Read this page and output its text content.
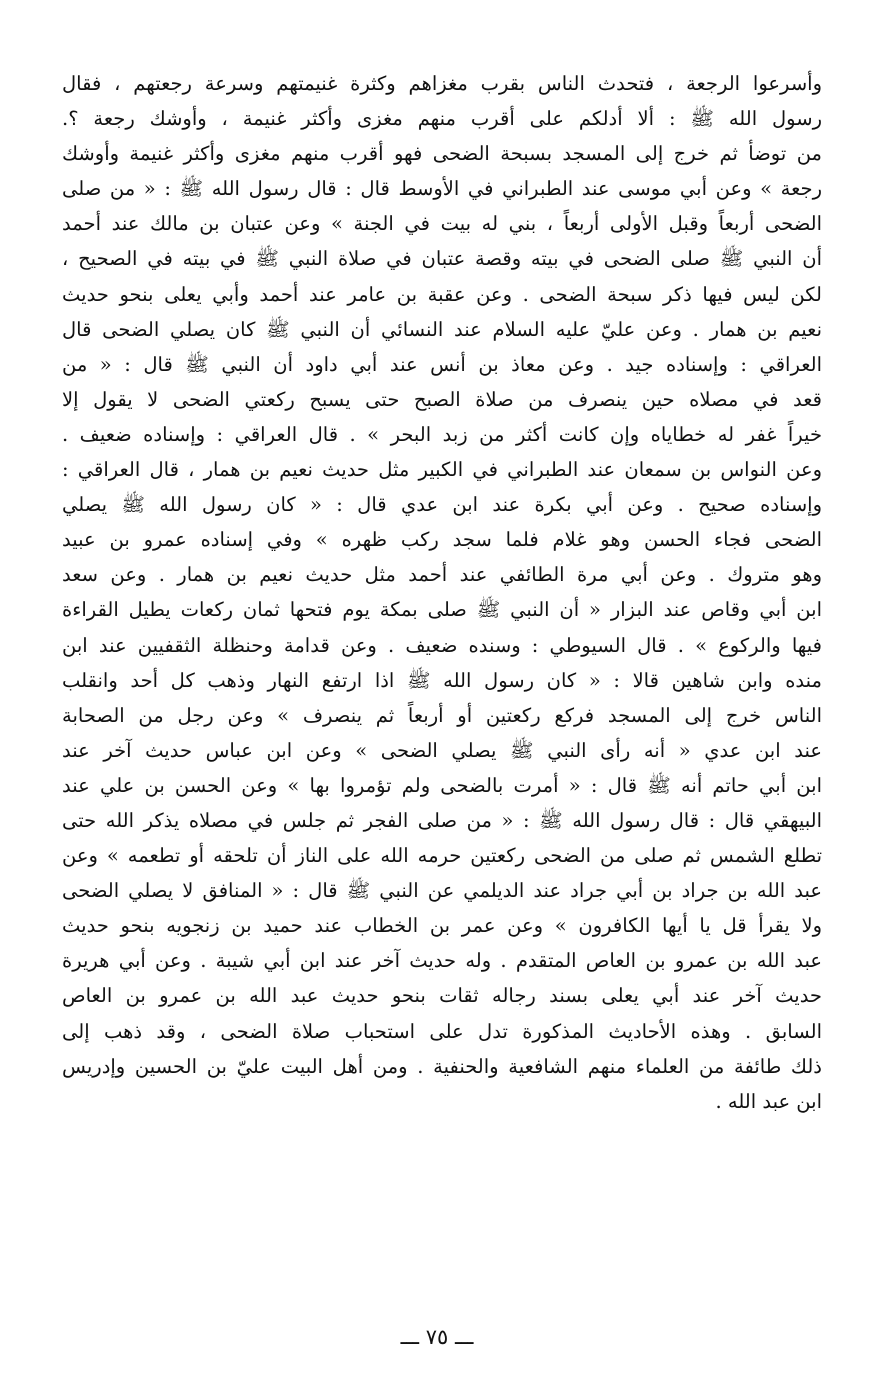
وأسرعوا الرجعة ، فتحدث الناس بقرب مغزاهم وكثرة غنيمتهم وسرعة رجعتهم ، فقال
رسول الله ﷺ : ألا أدلكم على أقرب منهم مغزى وأكثر غنيمة ، وأوشك رجعة ؟.
من توضأ ثم خرج إلى المسجد بسبحة الضحى فهو أقرب منهم مغزى وأكثر غنيمة وأوشك
رجعة » وعن أبي موسى عند الطبراني في الأوسط قال : قال رسول الله ﷺ : « من صلى
الضحى أربعاً وقبل الأولى أربعاً ، بني له بيت في الجنة » وعن عتبان بن مالك عند أحمد
أن النبي ﷺ صلى الضحى في بيته وقصة عتبان في صلاة النبي ﷺ في بيته في الصحيح ،
لكن ليس فيها ذكر سبحة الضحى . وعن عقبة بن عامر عند أحمد وأبي يعلى بنحو حديث
نعيم بن همار . وعن عليّ عليه السلام عند النسائي أن النبي ﷺ كان يصلي الضحى قال
العراقي : وإسناده جيد . وعن معاذ بن أنس عند أبي داود أن النبي ﷺ قال : « من
قعد في مصلاه حين ينصرف من صلاة الصبح حتى يسبح ركعتي الضحى لا يقول إلا
خيراً غفر له خطاياه وإن كانت أكثر من زبد البحر » . قال العراقي : وإسناده ضعيف .
وعن النواس بن سمعان عند الطبراني في الكبير مثل حديث نعيم بن همار ، قال العراقي :
وإسناده صحيح . وعن أبي بكرة عند ابن عدي قال : « كان رسول الله ﷺ يصلي
الضحى فجاء الحسن وهو غلام فلما سجد ركب ظهره » وفي إسناده عمرو بن عبيد
وهو متروك . وعن أبي مرة الطائفي عند أحمد مثل حديث نعيم بن همار . وعن سعد
ابن أبي وقاص عند البزار « أن النبي ﷺ صلى بمكة يوم فتحها ثمان ركعات يطيل القراءة
فيها والركوع » . قال السيوطي : وسنده ضعيف . وعن قدامة وحنظلة الثقفيين عند ابن
منده وابن شاهين قالا : « كان رسول الله ﷺ اذا ارتفع النهار وذهب كل أحد وانقلب
الناس خرج إلى المسجد فركع ركعتين أو أربعاً ثم ينصرف » وعن رجل من الصحابة
عند ابن عدي « أنه رأى النبي ﷺ يصلي الضحى » وعن ابن عباس حديث آخر عند
ابن أبي حاتم أنه ﷺ قال : « أمرت بالضحى ولم تؤمروا بها » وعن الحسن بن علي عند
البيهقي قال : قال رسول الله ﷺ : « من صلى الفجر ثم جلس في مصلاه يذكر الله حتى
تطلع الشمس ثم صلى من الضحى ركعتين حرمه الله على الناز أن تلحقه أو تطعمه » وعن
عبد الله بن جراد بن أبي جراد عند الديلمي عن النبي ﷺ قال : « المنافق لا يصلي الضحى
ولا يقرأ قل يا أيها الكافرون » وعن عمر بن الخطاب عند حميد بن زنجويه بنحو حديث
عبد الله بن عمرو بن العاص المتقدم . وله حديث آخر عند ابن أبي شيبة . وعن أبي هريرة
حديث آخر عند أبي يعلى بسند رجاله ثقات بنحو حديث عبد الله بن عمرو بن العاص
السابق . وهذه الأحاديث المذكورة تدل على استحباب صلاة الضحى ، وقد ذهب إلى
ذلك طائفة من العلماء منهم الشافعية والحنفية . ومن أهل البيت عليّ بن الحسين وإدريس
ابن عبد الله .
ـــ ٧٥ ـــ
